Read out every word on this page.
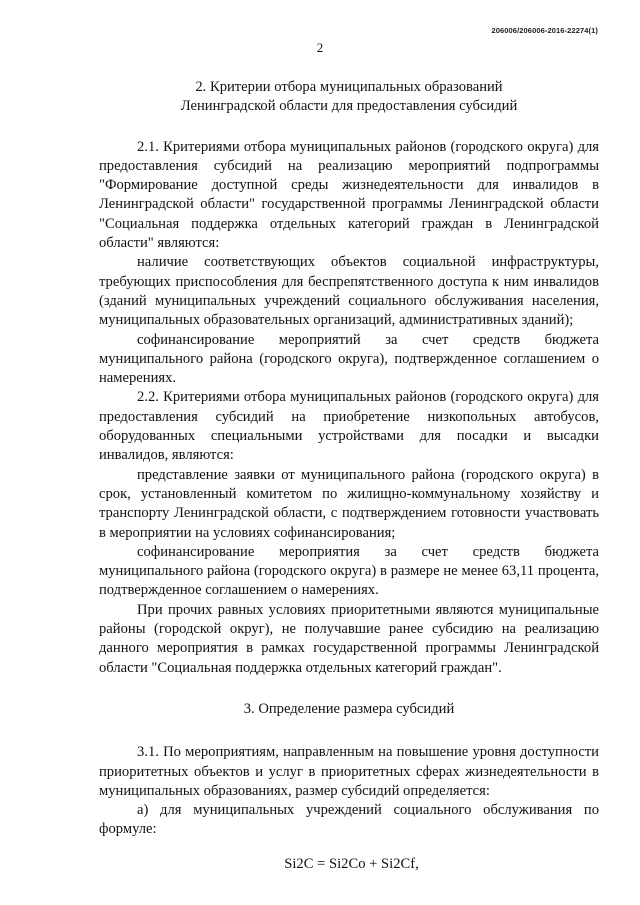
206006/206006-2016-22274(1)
2

2. Критерии отбора муниципальных образований

Ленинградской области для предоставления субсидий

2.1. Критериями отбора муниципальных районов (городского округа) для предоставления субсидий на реализацию мероприятий подпрограммы "Формирование доступной среды жизнедеятельности для инвалидов в Ленинградской области" государственной программы Ленинградской области "Социальная поддержка отдельных категорий граждан в Ленинградской области" являются:

наличие соответствующих объектов социальной инфраструктуры, требующих приспособления для беспрепятственного доступа к ним инвалидов (зданий муниципальных учреждений социального обслуживания населения, муниципальных образовательных организаций, административных зданий);

софинансирование мероприятий за счет средств бюджета муниципального района (городского округа), подтвержденное соглашением о намерениях.

2.2. Критериями отбора муниципальных районов (городского округа) для предоставления субсидий на приобретение низкопольных автобусов, оборудованных специальными устройствами для посадки и высадки инвалидов, являются:

представление заявки от муниципального района (городского округа) в срок, установленный комитетом по жилищно-коммунальному хозяйству и транспорту Ленинградской области, с подтверждением готовности участвовать в мероприятии на условиях софинансирования;

софинансирование мероприятия за счет средств бюджета муниципального района (городского округа) в размере не менее 63,11 процента, подтвержденное соглашением о намерениях.

При прочих равных условиях приоритетными являются муниципальные районы (городской округ), не получавшие ранее субсидию на реализацию данного мероприятия в рамках государственной программы Ленинградской области "Социальная поддержка отдельных категорий граждан".

3. Определение размера субсидий

3.1. По мероприятиям, направленным на повышение уровня доступности приоритетных объектов и услуг в приоритетных сферах жизнедеятельности в муниципальных образованиях, размер субсидий определяется:

а) для муниципальных учреждений социального обслуживания по формуле:

Si2C = Si2Co + Si2Cf,
